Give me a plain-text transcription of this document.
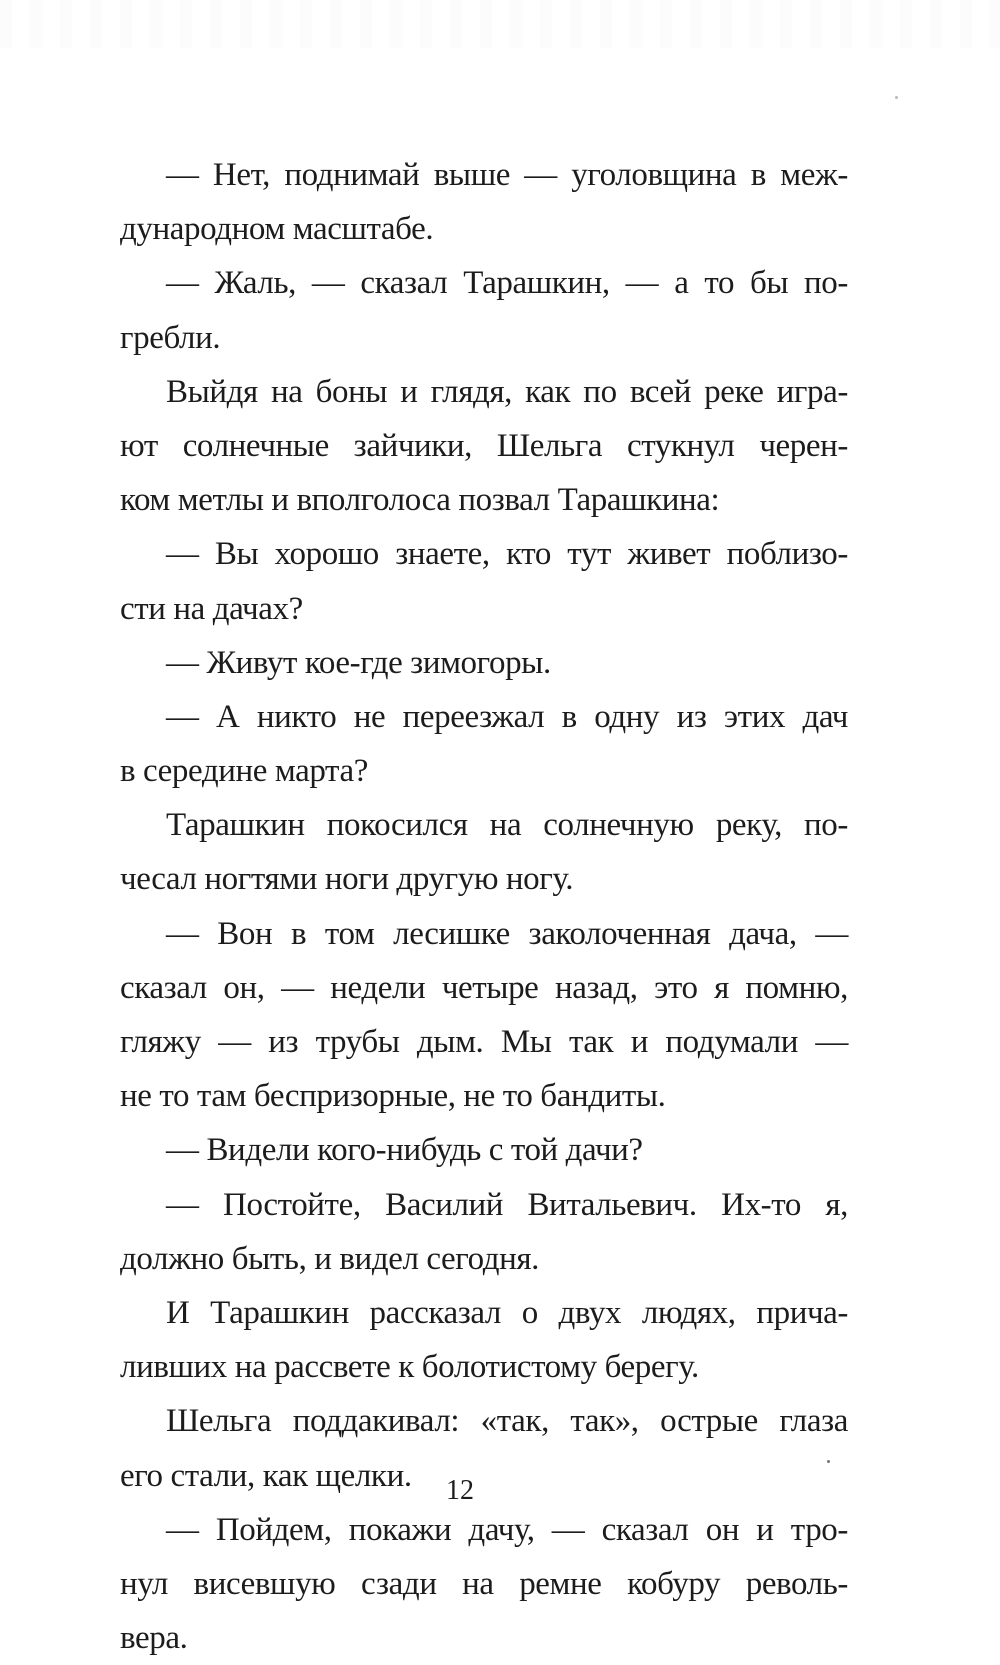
— Нет, поднимай выше — уголовщина в меж-
дународном масштабе.
— Жаль, — сказал Тарашкин, — а то бы по-
гребли.
Выйдя на боны и глядя, как по всей реке игра-
ют солнечные зайчики, Шельга стукнул черен-
ком метлы и вполголоса позвал Тарашкина:
— Вы хорошо знаете, кто тут живет поблизо-
сти на дачах?
— Живут кое-где зимогоры.
— А никто не переезжал в одну из этих дач
в середине марта?
Тарашкин покосился на солнечную реку, по-
чесал ногтями ноги другую ногу.
— Вон в том лесишке заколоченная дача, —
сказал он, — недели четыре назад, это я помню,
гляжу — из трубы дым. Мы так и подумали —
не то там беспризорные, не то бандиты.
— Видели кого-нибудь с той дачи?
— Постойте, Василий Витальевич. Их-то я,
должно быть, и видел сегодня.
И Тарашкин рассказал о двух людях, прича-
ливших на рассвете к болотистому берегу.
Шельга поддакивал: «так, так», острые глаза
его стали, как щелки.
— Пойдем, покажи дачу, — сказал он и тро-
нул висевшую сзади на ремне кобуру револь-
вера.
12
